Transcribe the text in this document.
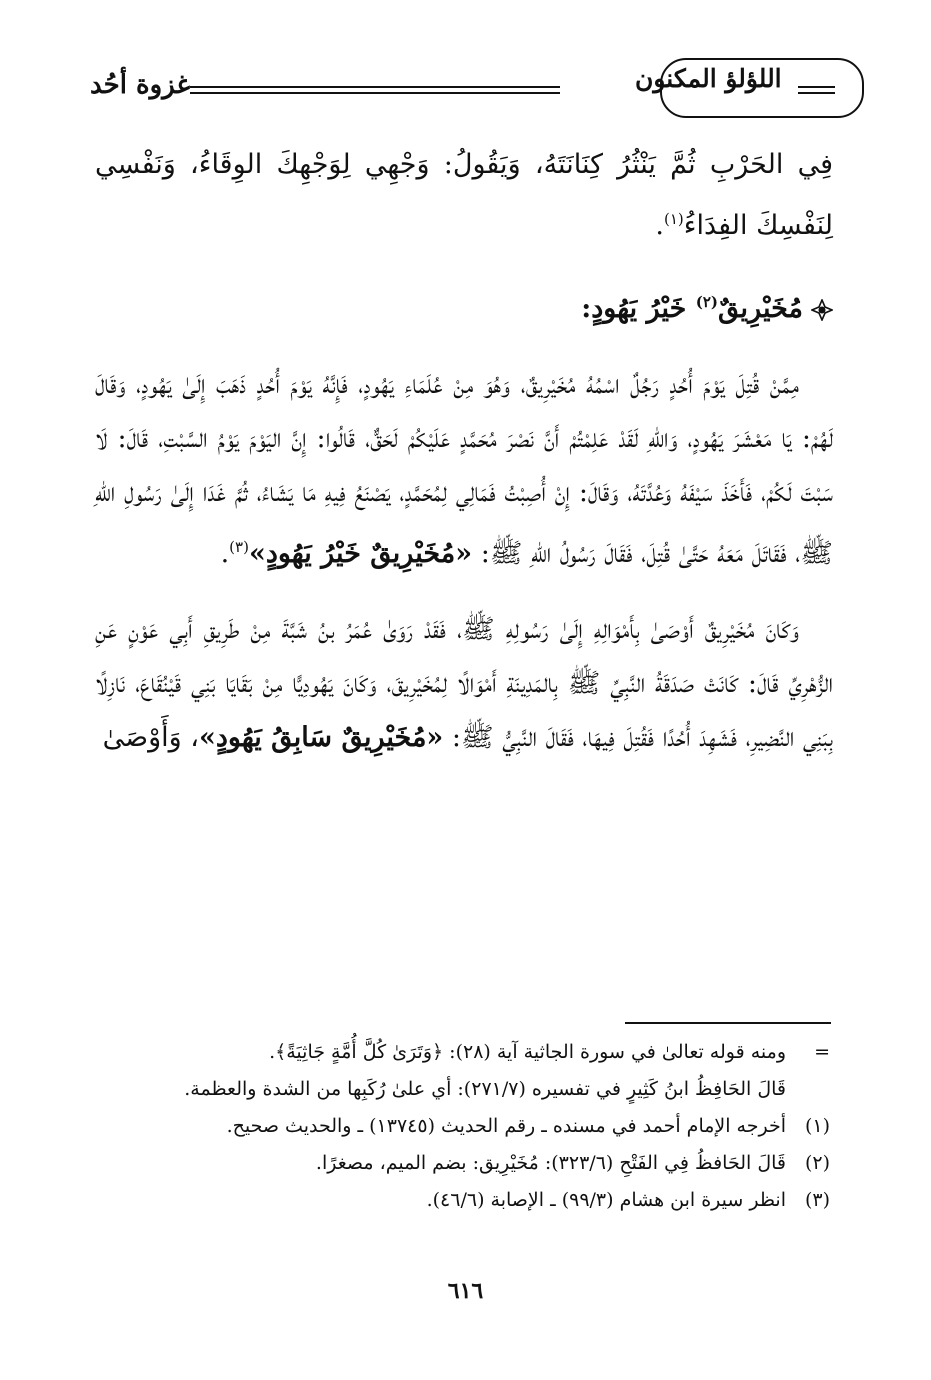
غزوة أحُد	اللؤلؤ المكنون

فِي الحَرْبِ ثُمَّ يَنْثُرُ كِنَانَتَهُ، وَيَقُولُ: وَجْهِي لِوَجْهِكَ الوِقَاءُ، وَنَفْسِي لِنَفْسِكَ الفِدَاءُ$^{(١)}$.

مُخَيْرِيقٌ$^{(٢)}$ خَيْرُ يَهُودٍ:

مِمَّنْ قُتِلَ يَوْمَ أُحُدٍ رَجُلٌ اسْمُهُ مُخَيْرِيقٌ، وَهُوَ مِنْ عُلَمَاءِ يَهُودٍ، فَإِنَّهُ يَوْمَ أُحُدٍ ذَهَبَ إِلَىٰ يَهُودٍ، وَقَالَ لَهُمْ: يَا مَعْشَرَ يَهُودٍ، وَاللهِ لَقَدْ عَلِمْتُمْ أَنَّ نَصْرَ مُحَمَّدٍ عَلَيْكُمْ لَحَقٌّ، قَالُوا: إِنَّ اليَوْمَ يَوْمُ السَّبْتِ، قَالَ: لَا سَبْتَ لَكُمْ، فَأَخَذَ سَيْفَهُ وَعُدَّتَهُ، وَقَالَ: إِنْ أُصِبْتُ فَمَالِي لِمُحَمَّدٍ، يَصْنَعُ فِيهِ مَا يَشَاءُ، ثُمَّ غَدَا إِلَىٰ رَسُولِ اللهِ ﷺ، فَقَاتَلَ مَعَهُ حَتَّىٰ قُتِلَ، فَقَالَ رَسُولُ اللهِ ﷺ: «مُخَيْرِيقٌ خَيْرُ يَهُودٍ»$^{(٣)}$.

وَكَانَ مُخَيْرِيقٌ أَوْصَىٰ بِأَمْوَالِهِ إِلَىٰ رَسُولِهِ ﷺ، فَقَدْ رَوَىٰ عُمَرُ بنُ شَبَّةَ مِنْ طَرِيقِ أَبِي عَوْنٍ عَنِ الزُّهْرِيِّ قَالَ: كَانَتْ صَدَقَةُ النَّبِيِّ ﷺ بِالمَدِينَةِ أَمْوَالًا لِمُخَيْرِيقَ، وَكَانَ يَهُودِيًّا مِنْ بَقَايَا بَنِي قَيْنُقَاعَ، نَازِلًا بِبَنِي النَّضِيرِ، فَشَهِدَ أُحُدًا فَقُتِلَ فِيهَا، فَقَالَ النَّبِيُّ ﷺ: «مُخَيْرِيقٌ سَابِقُ يَهُودٍ»، وَأَوْصَىٰ

=ومنه قوله تعالىٰ في سورة الجاثية آية (٢٨): ﴿وَتَرَىٰ كُلَّ أُمَّةٍ جَاثِيَةً﴾.

قَالَ الحَافِظُ ابنُ كَثِيرٍ في تفسيره (٢٧١/٧): أي علىٰ رُكَبِها من الشدة والعظمة.

(١)أخرجه الإمام أحمد في مسنده ـ رقم الحديث (١٣٧٤٥) ـ والحديث صحيح.

(٢)قَالَ الحَافظُ فِي الفَتْحِ (٣٢٣/٦): مُخَيْرِيق: بضم الميم، مصغرًا.

(٣)انظر سيرة ابن هشام (٩٩/٣) ـ الإصابة (٤٦/٦).

٦١٦
